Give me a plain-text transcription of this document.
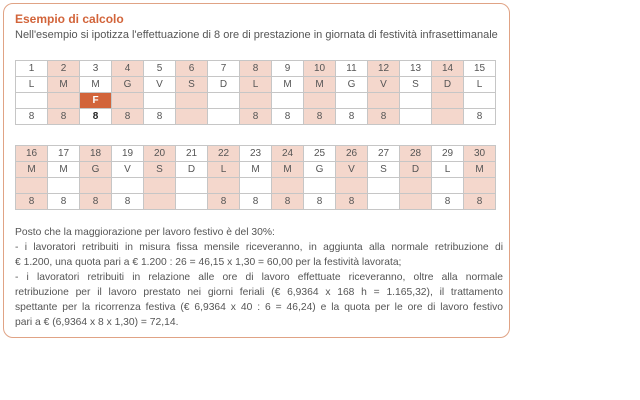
Esempio di calcolo
Nell'esempio si ipotizza l'effettuazione di 8 ore di prestazione in giornata di festività infrasettimanale
1	2	3	4	5	6	7	8	9	10	11	12	13	14	15
L	M	M	G	V	S	D	L	M	M	G	V	S	D	L
		F												
8	8	8	8	8			8	8	8	8	8			8
16	17	18	19	20	21	22	23	24	25	26	27	28	29	30
M	M	G	V	S	D	L	M	M	G	V	S	D	L	M

8	8	8	8			8	8	8	8	8			8	8
Posto che la maggiorazione per lavoro festivo è del 30%:
- i lavoratori retribuiti in misura fissa mensile riceveranno, in aggiunta alla normale retribuzione di
€ 1.200, una quota pari a € 1.200 : 26 = 46,15 x 1,30 = 60,00 per la festività lavorata;
- i lavoratori retribuiti in relazione alle ore di lavoro effettuate riceveranno, oltre alla normale
retribuzione per il lavoro prestato nei giorni feriali (€ 6,9364 x 168 h = 1.165,32), il trattamento
spettante per la ricorrenza festiva (€ 6,9364 x 40 : 6 = 46,24) e la quota per le ore di lavoro festivo
pari a € (6,9364 x 8 x 1,30) = 72,14.
